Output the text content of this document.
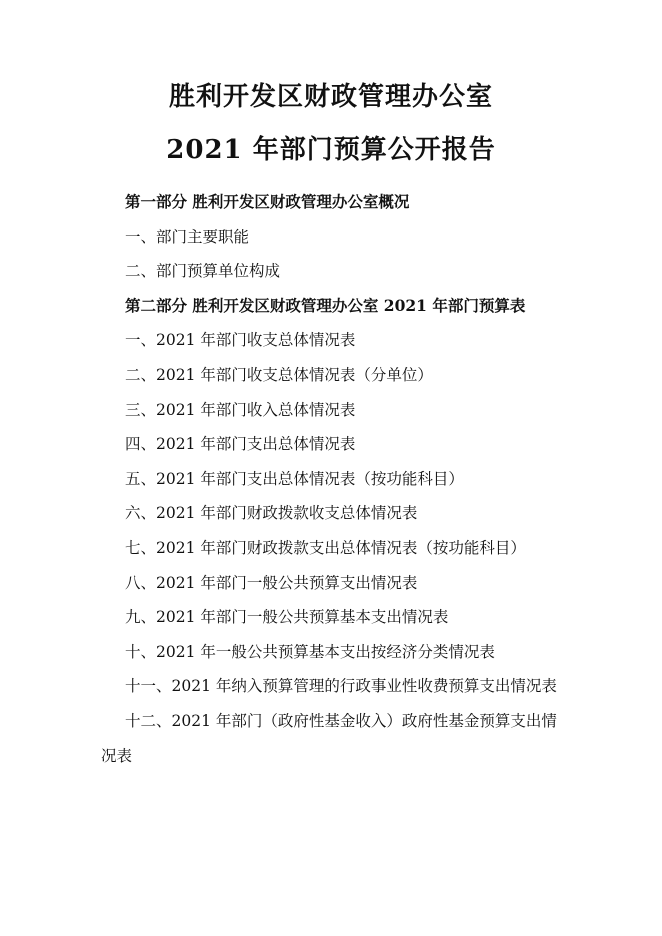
胜利开发区财政管理办公室
2021 年部门预算公开报告
第一部分 胜利开发区财政管理办公室概况
一、部门主要职能
二、部门预算单位构成
第二部分 胜利开发区财政管理办公室 2021 年部门预算表
一、2021 年部门收支总体情况表
二、2021 年部门收支总体情况表（分单位）
三、2021 年部门收入总体情况表
四、2021 年部门支出总体情况表
五、2021 年部门支出总体情况表（按功能科目）
六、2021 年部门财政拨款收支总体情况表
七、2021 年部门财政拨款支出总体情况表（按功能科目）
八、2021 年部门一般公共预算支出情况表
九、2021 年部门一般公共预算基本支出情况表
十、2021 年一般公共预算基本支出按经济分类情况表
十一、2021 年纳入预算管理的行政事业性收费预算支出情况表
十二、2021 年部门（政府性基金收入）政府性基金预算支出情况表
